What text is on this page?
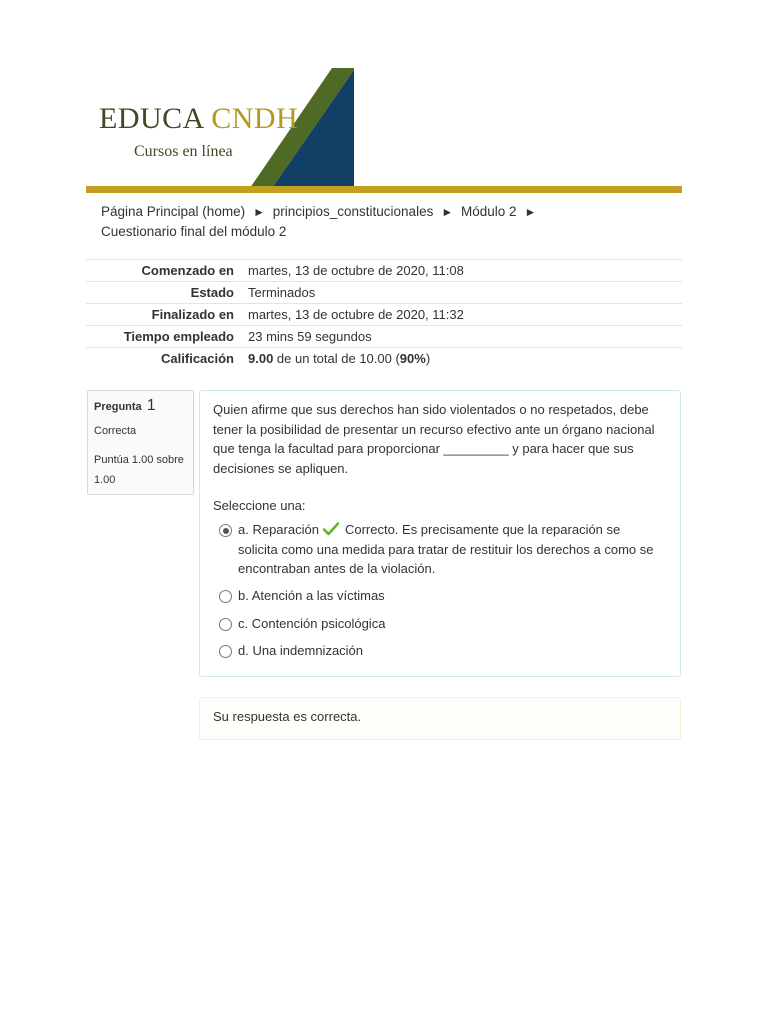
EDUCA CNDH
Cursos en línea
Página Principal (home) ► principios_constitucionales ► Módulo 2 ►
Cuestionario final del módulo 2
Comenzado en	martes, 13 de octubre de 2020, 11:08
Estado	Terminados
Finalizado en	martes, 13 de octubre de 2020, 11:32
Tiempo empleado	23 mins 59 segundos
Calificación	9.00 de un total de 10.00 (90%)
Pregunta 1
Correcta
Puntúa 1.00 sobre 1.00
Quien afirme que sus derechos han sido violentados o no respetados, debe tener la posibilidad de presentar un recurso efectivo ante un órgano nacional que tenga la facultad para proporcionar _________ y para hacer que sus decisiones se apliquen.
Seleccione una:
a. Reparación Correcto. Es precisamente que la reparación se solicita como una medida para tratar de restituir los derechos a como se encontraban antes de la violación.
b. Atención a las víctimas
c. Contención psicológica
d. Una indemnización
Su respuesta es correcta.
